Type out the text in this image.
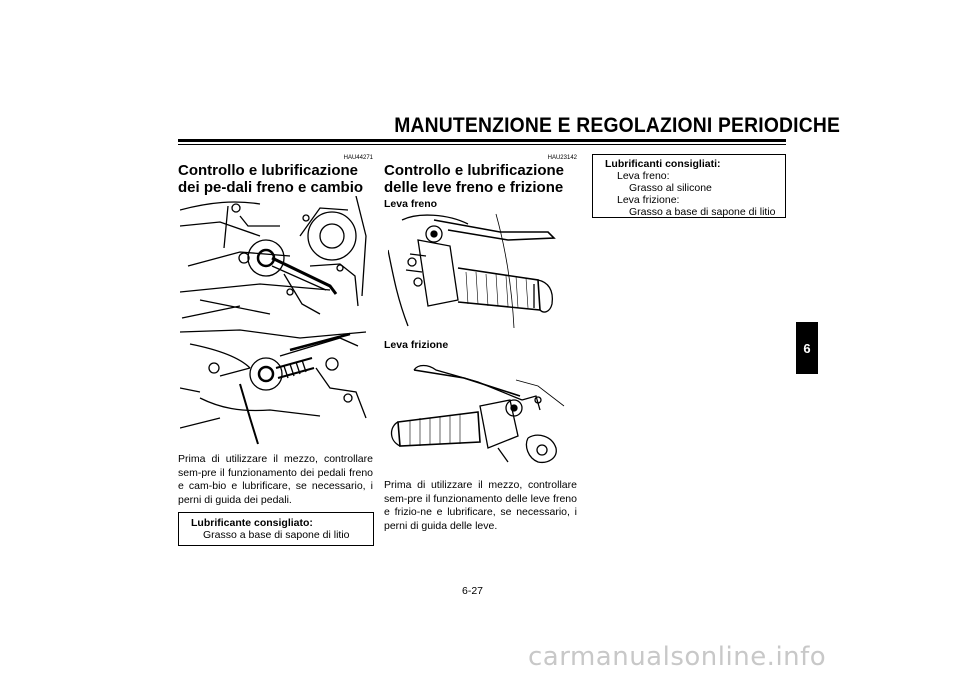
MANUTENZIONE E REGOLAZIONI PERIODICHE
HAU44271
Controllo e lubrificazione dei pe-dali freno e cambio
Prima di utilizzare il mezzo, controllare sem-pre il funzionamento dei pedali freno e cam-bio e lubrificare, se necessario, i perni di guida dei pedali.
Lubrificante consigliato:
Grasso a base di sapone di litio
HAU23142
Controllo e lubrificazione delle leve freno e frizione
Leva freno
Leva frizione
Prima di utilizzare il mezzo, controllare sem-pre il funzionamento delle leve freno e frizio-ne e lubrificare, se necessario, i perni di guida delle leve.
Lubrificanti consigliati:
Leva freno:
Grasso al silicone
Leva frizione:
Grasso a base di sapone di litio
6
6-27
carmanualsonline.info
